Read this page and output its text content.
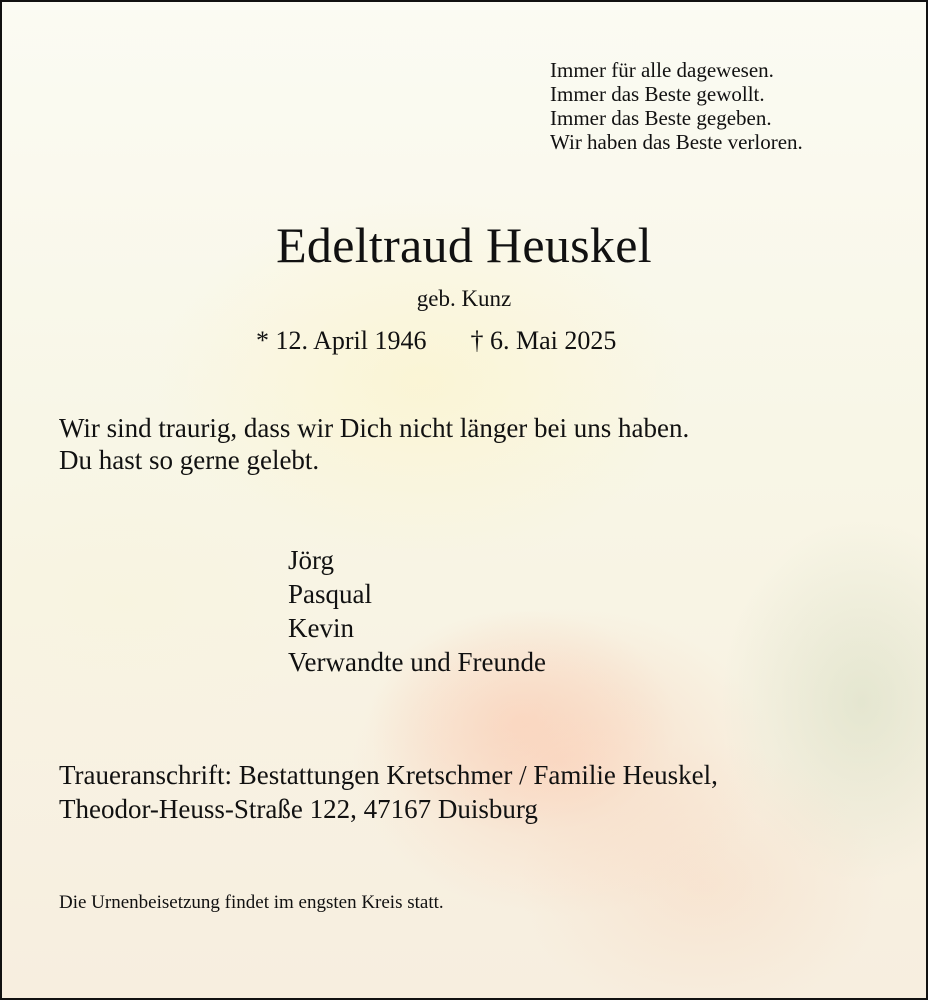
Immer für alle dagewesen.
Immer das Beste gewollt.
Immer das Beste gegeben.
Wir haben das Beste verloren.
Edeltraud Heuskel
geb. Kunz
* 12. April 1946 † 6. Mai 2025
Wir sind traurig, dass wir Dich nicht länger bei uns haben.
Du hast so gerne gelebt.
Jörg
Pasqual
Kevin
Verwandte und Freunde
Traueranschrift: Bestattungen Kretschmer / Familie Heuskel,
Theodor-Heuss-Straße 122, 47167 Duisburg
Die Urnenbeisetzung findet im engsten Kreis statt.
